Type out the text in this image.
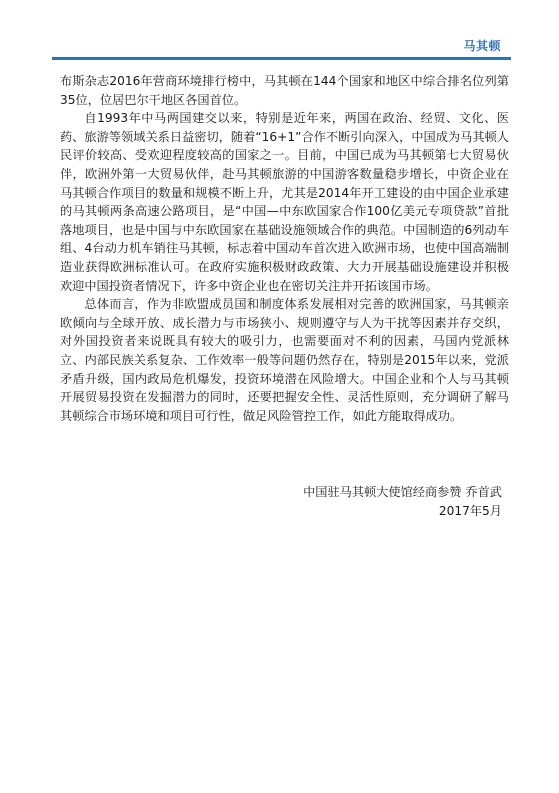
马其顿

布斯杂志2016年营商环境排行榜中，马其顿在144个国家和地区中综合排名位列第35位，位居巴尔干地区各国首位。

自1993年中马两国建交以来，特别是近年来，两国在政治、经贸、文化、医药、旅游等领域关系日益密切，随着“16+1”合作不断引向深入，中国成为马其顿人民评价较高、受欢迎程度较高的国家之一。目前，中国已成为马其顿第七大贸易伙伴，欧洲外第一大贸易伙伴，赴马其顿旅游的中国游客数量稳步增长，中资企业在马其顿合作项目的数量和规模不断上升，尤其是2014年开工建设的由中国企业承建的马其顿两条高速公路项目，是“中国—中东欧国家合作100亿美元专项贷款”首批落地项目，也是中国与中东欧国家在基础设施领域合作的典范。中国制造的6列动车组、4台动力机车销往马其顿，标志着中国动车首次进入欧洲市场，也使中国高端制造业获得欧洲标准认可。在政府实施积极财政政策、大力开展基础设施建设并积极欢迎中国投资者情况下，许多中资企业也在密切关注并开拓该国市场。

总体而言，作为非欧盟成员国和制度体系发展相对完善的欧洲国家，马其顿亲欧倾向与全球开放、成长潜力与市场狭小、规则遵守与人为干扰等因素并存交织，对外国投资者来说既具有较大的吸引力，也需要面对不利的因素，马国内党派林立、内部民族关系复杂、工作效率一般等问题仍然存在，特别是2015年以来，党派矛盾升级，国内政局危机爆发，投资环境潜在风险增大。中国企业和个人与马其顿开展贸易投资在发掘潜力的同时，还要把握安全性、灵活性原则，充分调研了解马其顿综合市场环境和项目可行性，做足风险管控工作，如此方能取得成功。

中国驻马其顿大使馆经商参赞 乔首武
2017年5月
